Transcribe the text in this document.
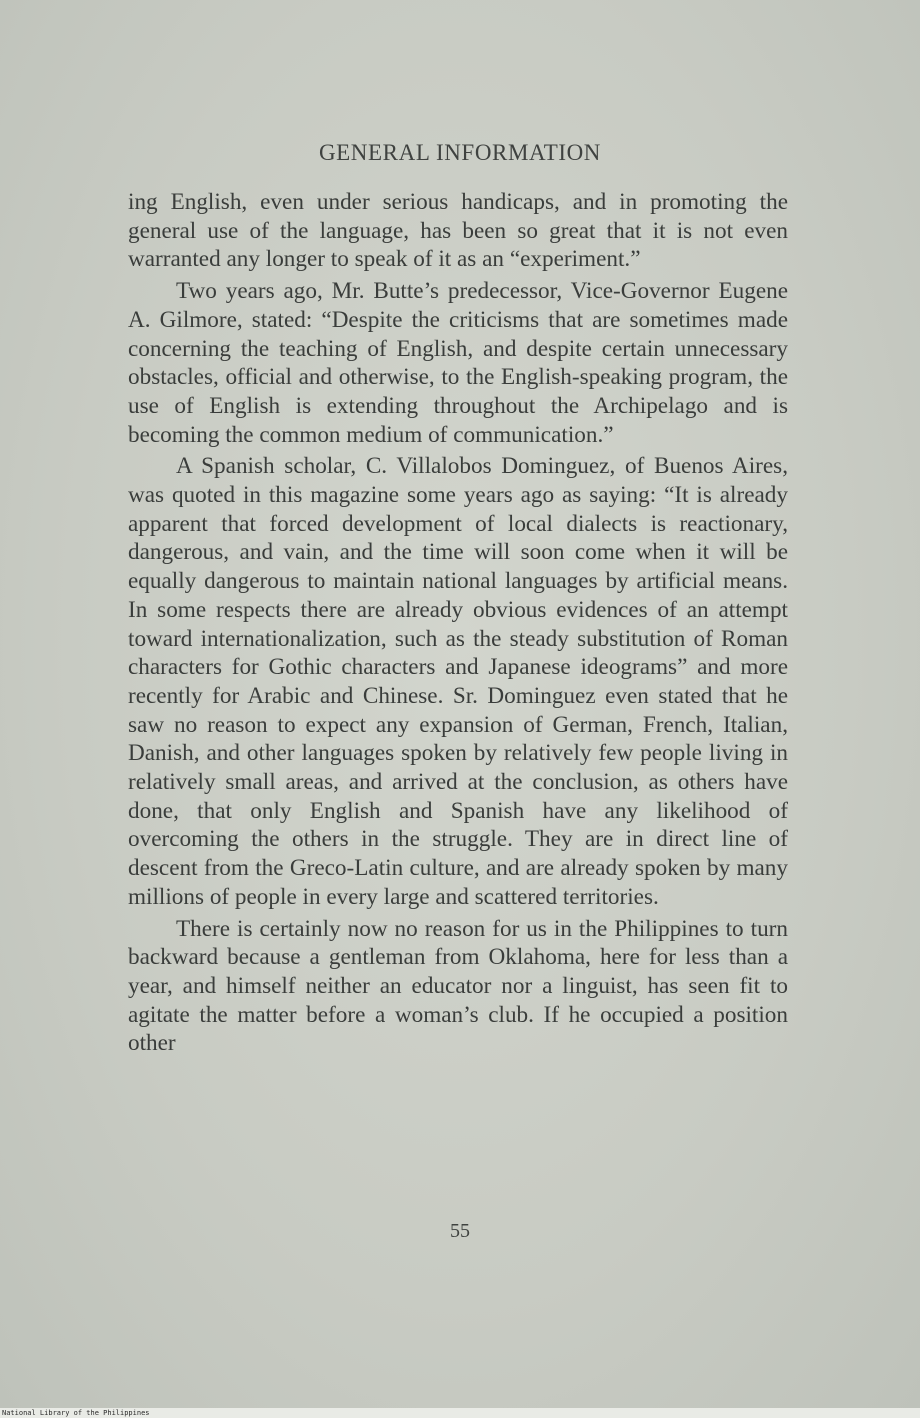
GENERAL INFORMATION

ing English, even under serious handicaps, and in promoting the general use of the language, has been so great that it is not even warranted any longer to speak of it as an “experiment.”

Two years ago, Mr. Butte’s predecessor, Vice-Governor Eugene A. Gilmore, stated: “Despite the criticisms that are sometimes made concerning the teaching of English, and despite certain unnecessary obstacles, official and otherwise, to the English-speaking program, the use of English is extending throughout the Archipelago and is becoming the common medium of communication.”

A Spanish scholar, C. Villalobos Dominguez, of Buenos Aires, was quoted in this magazine some years ago as saying: “It is already apparent that forced development of local dialects is reactionary, dangerous, and vain, and the time will soon come when it will be equally dangerous to maintain national languages by artificial means. In some respects there are already obvious evidences of an attempt toward internationalization, such as the steady substitution of Roman characters for Gothic characters and Japanese ideograms” and more recently for Arabic and Chinese. Sr. Dominguez even stated that he saw no reason to expect any expansion of German, French, Italian, Danish, and other languages spoken by relatively few people living in relatively small areas, and arrived at the conclusion, as others have done, that only English and Spanish have any likelihood of overcoming the others in the struggle. They are in direct line of descent from the Greco-Latin culture, and are already spoken by many millions of people in every large and scattered territories.

There is certainly now no reason for us in the Philippines to turn backward because a gentleman from Oklahoma, here for less than a year, and himself neither an educator nor a linguist, has seen fit to agitate the matter before a woman’s club. If he occupied a position other

55
National Library of the Philippines
